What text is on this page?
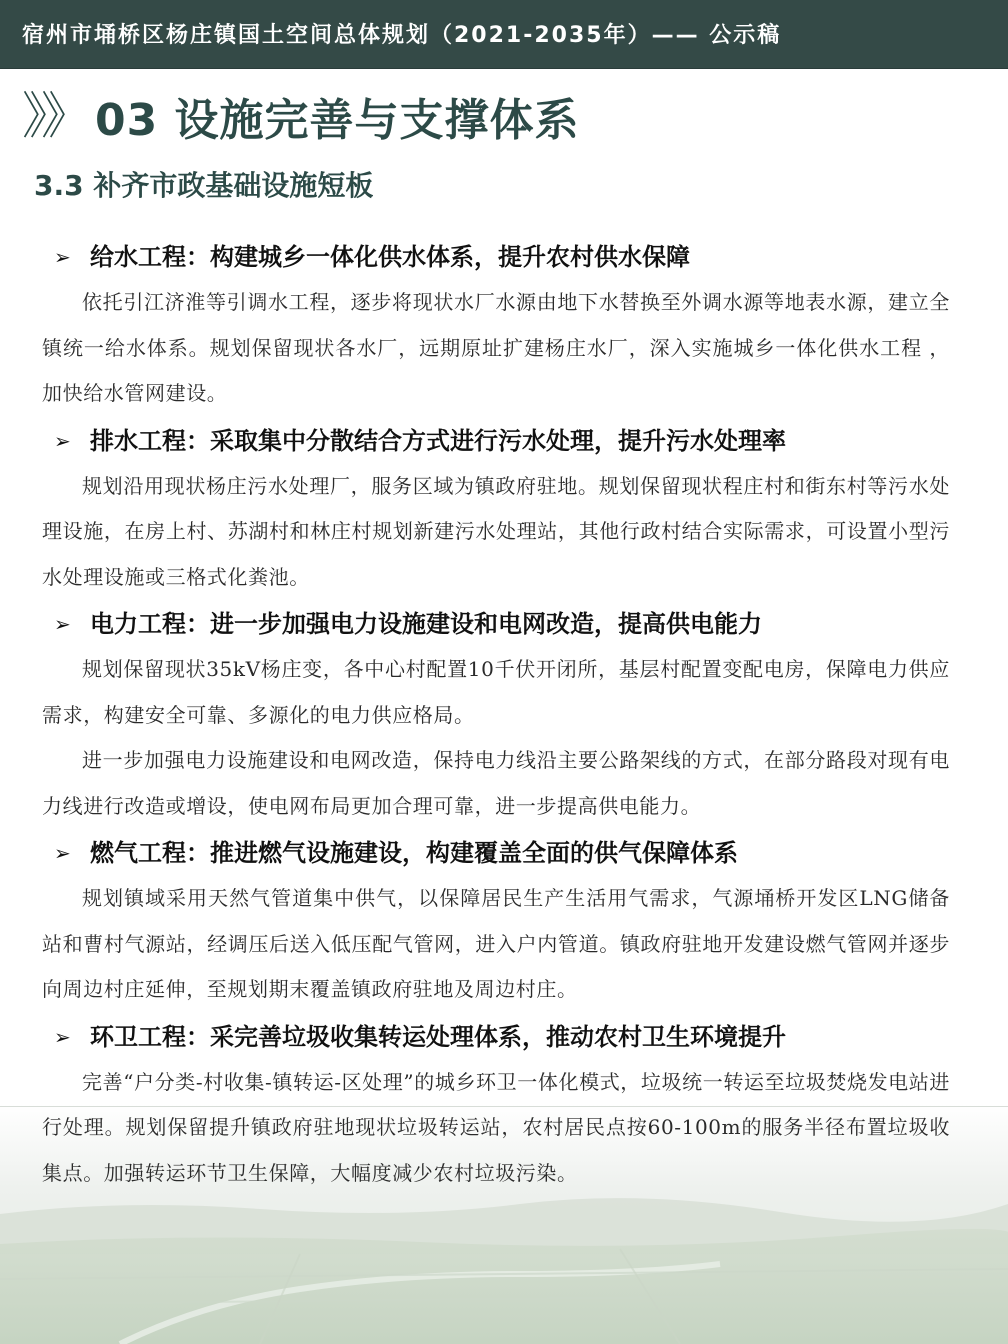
宿州市埇桥区杨庄镇国土空间总体规划（2021-2035年）—— 公示稿
》》 03 设施完善与支撑体系
3.3 补齐市政基础设施短板
➢ 给水工程：构建城乡一体化供水体系，提升农村供水保障

依托引江济淮等引调水工程，逐步将现状水厂水源由地下水替换至外调水源等地表水源，建立全镇统一给水体系。规划保留现状各水厂，远期原址扩建杨庄水厂，深入实施城乡一体化供水工程 ，加快给水管网建设。

➢ 排水工程：采取集中分散结合方式进行污水处理，提升污水处理率

规划沿用现状杨庄污水处理厂，服务区域为镇政府驻地。规划保留现状程庄村和街东村等污水处理设施，在房上村、苏湖村和林庄村规划新建污水处理站，其他行政村结合实际需求，可设置小型污水处理设施或三格式化粪池。

➢ 电力工程：进一步加强电力设施建设和电网改造，提高供电能力

规划保留现状35kV杨庄变，各中心村配置10千伏开闭所，基层村配置变配电房，保障电力供应需求，构建安全可靠、多源化的电力供应格局。

进一步加强电力设施建设和电网改造，保持电力线沿主要公路架线的方式，在部分路段对现有电力线进行改造或增设，使电网布局更加合理可靠，进一步提高供电能力。

➢ 燃气工程：推进燃气设施建设，构建覆盖全面的供气保障体系

规划镇域采用天然气管道集中供气，以保障居民生产生活用气需求，气源埇桥开发区LNG储备站和曹村气源站，经调压后送入低压配气管网，进入户内管道。镇政府驻地开发建设燃气管网并逐步向周边村庄延伸，至规划期末覆盖镇政府驻地及周边村庄。

➢ 环卫工程：采完善垃圾收集转运处理体系，推动农村卫生环境提升

完善“户分类-村收集-镇转运-区处理”的城乡环卫一体化模式，垃圾统一转运至垃圾焚烧发电站进行处理。规划保留提升镇政府驻地现状垃圾转运站，农村居民点按60-100m的服务半径布置垃圾收集点。加强转运环节卫生保障，大幅度减少农村垃圾污染。
